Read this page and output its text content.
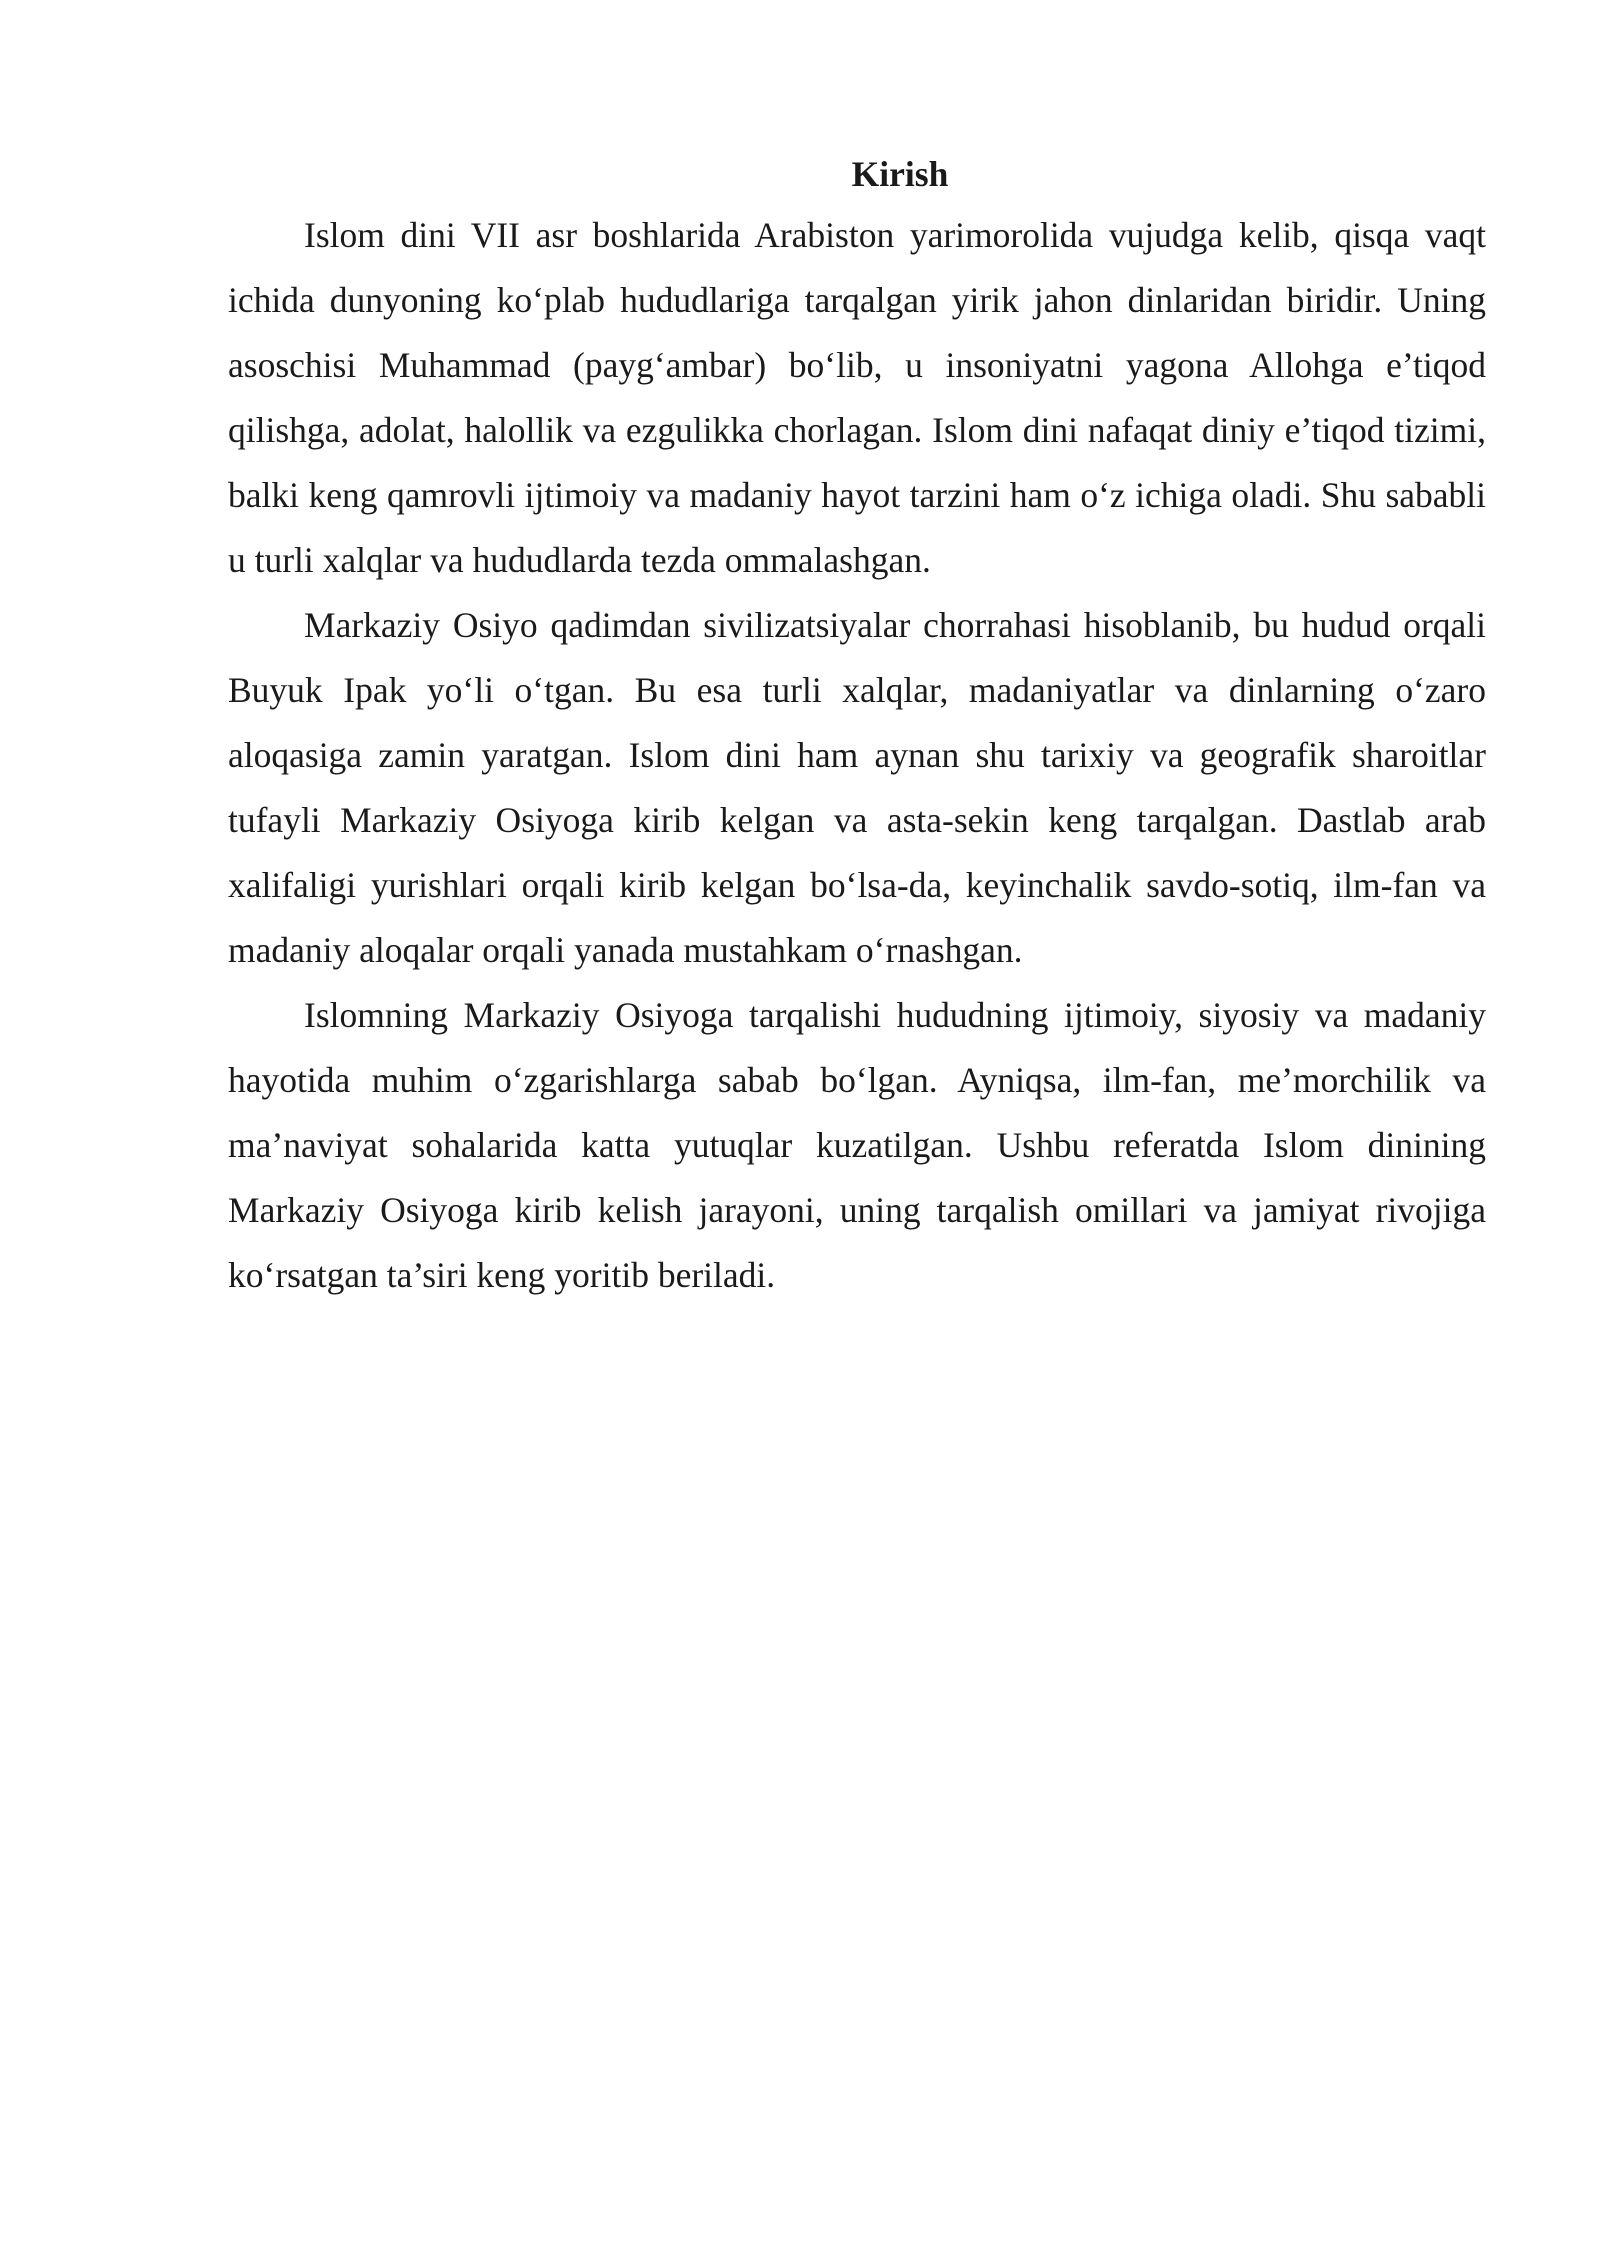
Kirish

Islom dini VII asr boshlarida Arabiston yarimorolida vujudga kelib, qisqa vaqt ichida dunyoning ko‘plab hududlariga tarqalgan yirik jahon dinlaridan biridir. Uning asoschisi Muhammad (payg‘ambar) bo‘lib, u insoniyatni yagona Allohga e’tiqod qilishga, adolat, halollik va ezgulikka chorlagan. Islom dini nafaqat diniy e’tiqod tizimi, balki keng qamrovli ijtimoiy va madaniy hayot tarzini ham o‘z ichiga oladi. Shu sababli u turli xalqlar va hududlarda tezda ommalashgan.

Markaziy Osiyo qadimdan sivilizatsiyalar chorrahasi hisoblanib, bu hudud orqali Buyuk Ipak yo‘li o‘tgan. Bu esa turli xalqlar, madaniyatlar va dinlarning o‘zaro aloqasiga zamin yaratgan. Islom dini ham aynan shu tarixiy va geografik sharoitlar tufayli Markaziy Osiyoga kirib kelgan va asta-sekin keng tarqalgan. Dastlab arab xalifaligi yurishlari orqali kirib kelgan bo‘lsa-da, keyinchalik savdo-sotiq, ilm-fan va madaniy aloqalar orqali yanada mustahkam o‘rnashgan.

Islomning Markaziy Osiyoga tarqalishi hududning ijtimoiy, siyosiy va madaniy hayotida muhim o‘zgarishlarga sabab bo‘lgan. Ayniqsa, ilm-fan, me’morchilik va ma’naviyat sohalarida katta yutuqlar kuzatilgan. Ushbu referatda Islom dinining Markaziy Osiyoga kirib kelish jarayoni, uning tarqalish omillari va jamiyat rivojiga ko‘rsatgan ta’siri keng yoritib beriladi.
